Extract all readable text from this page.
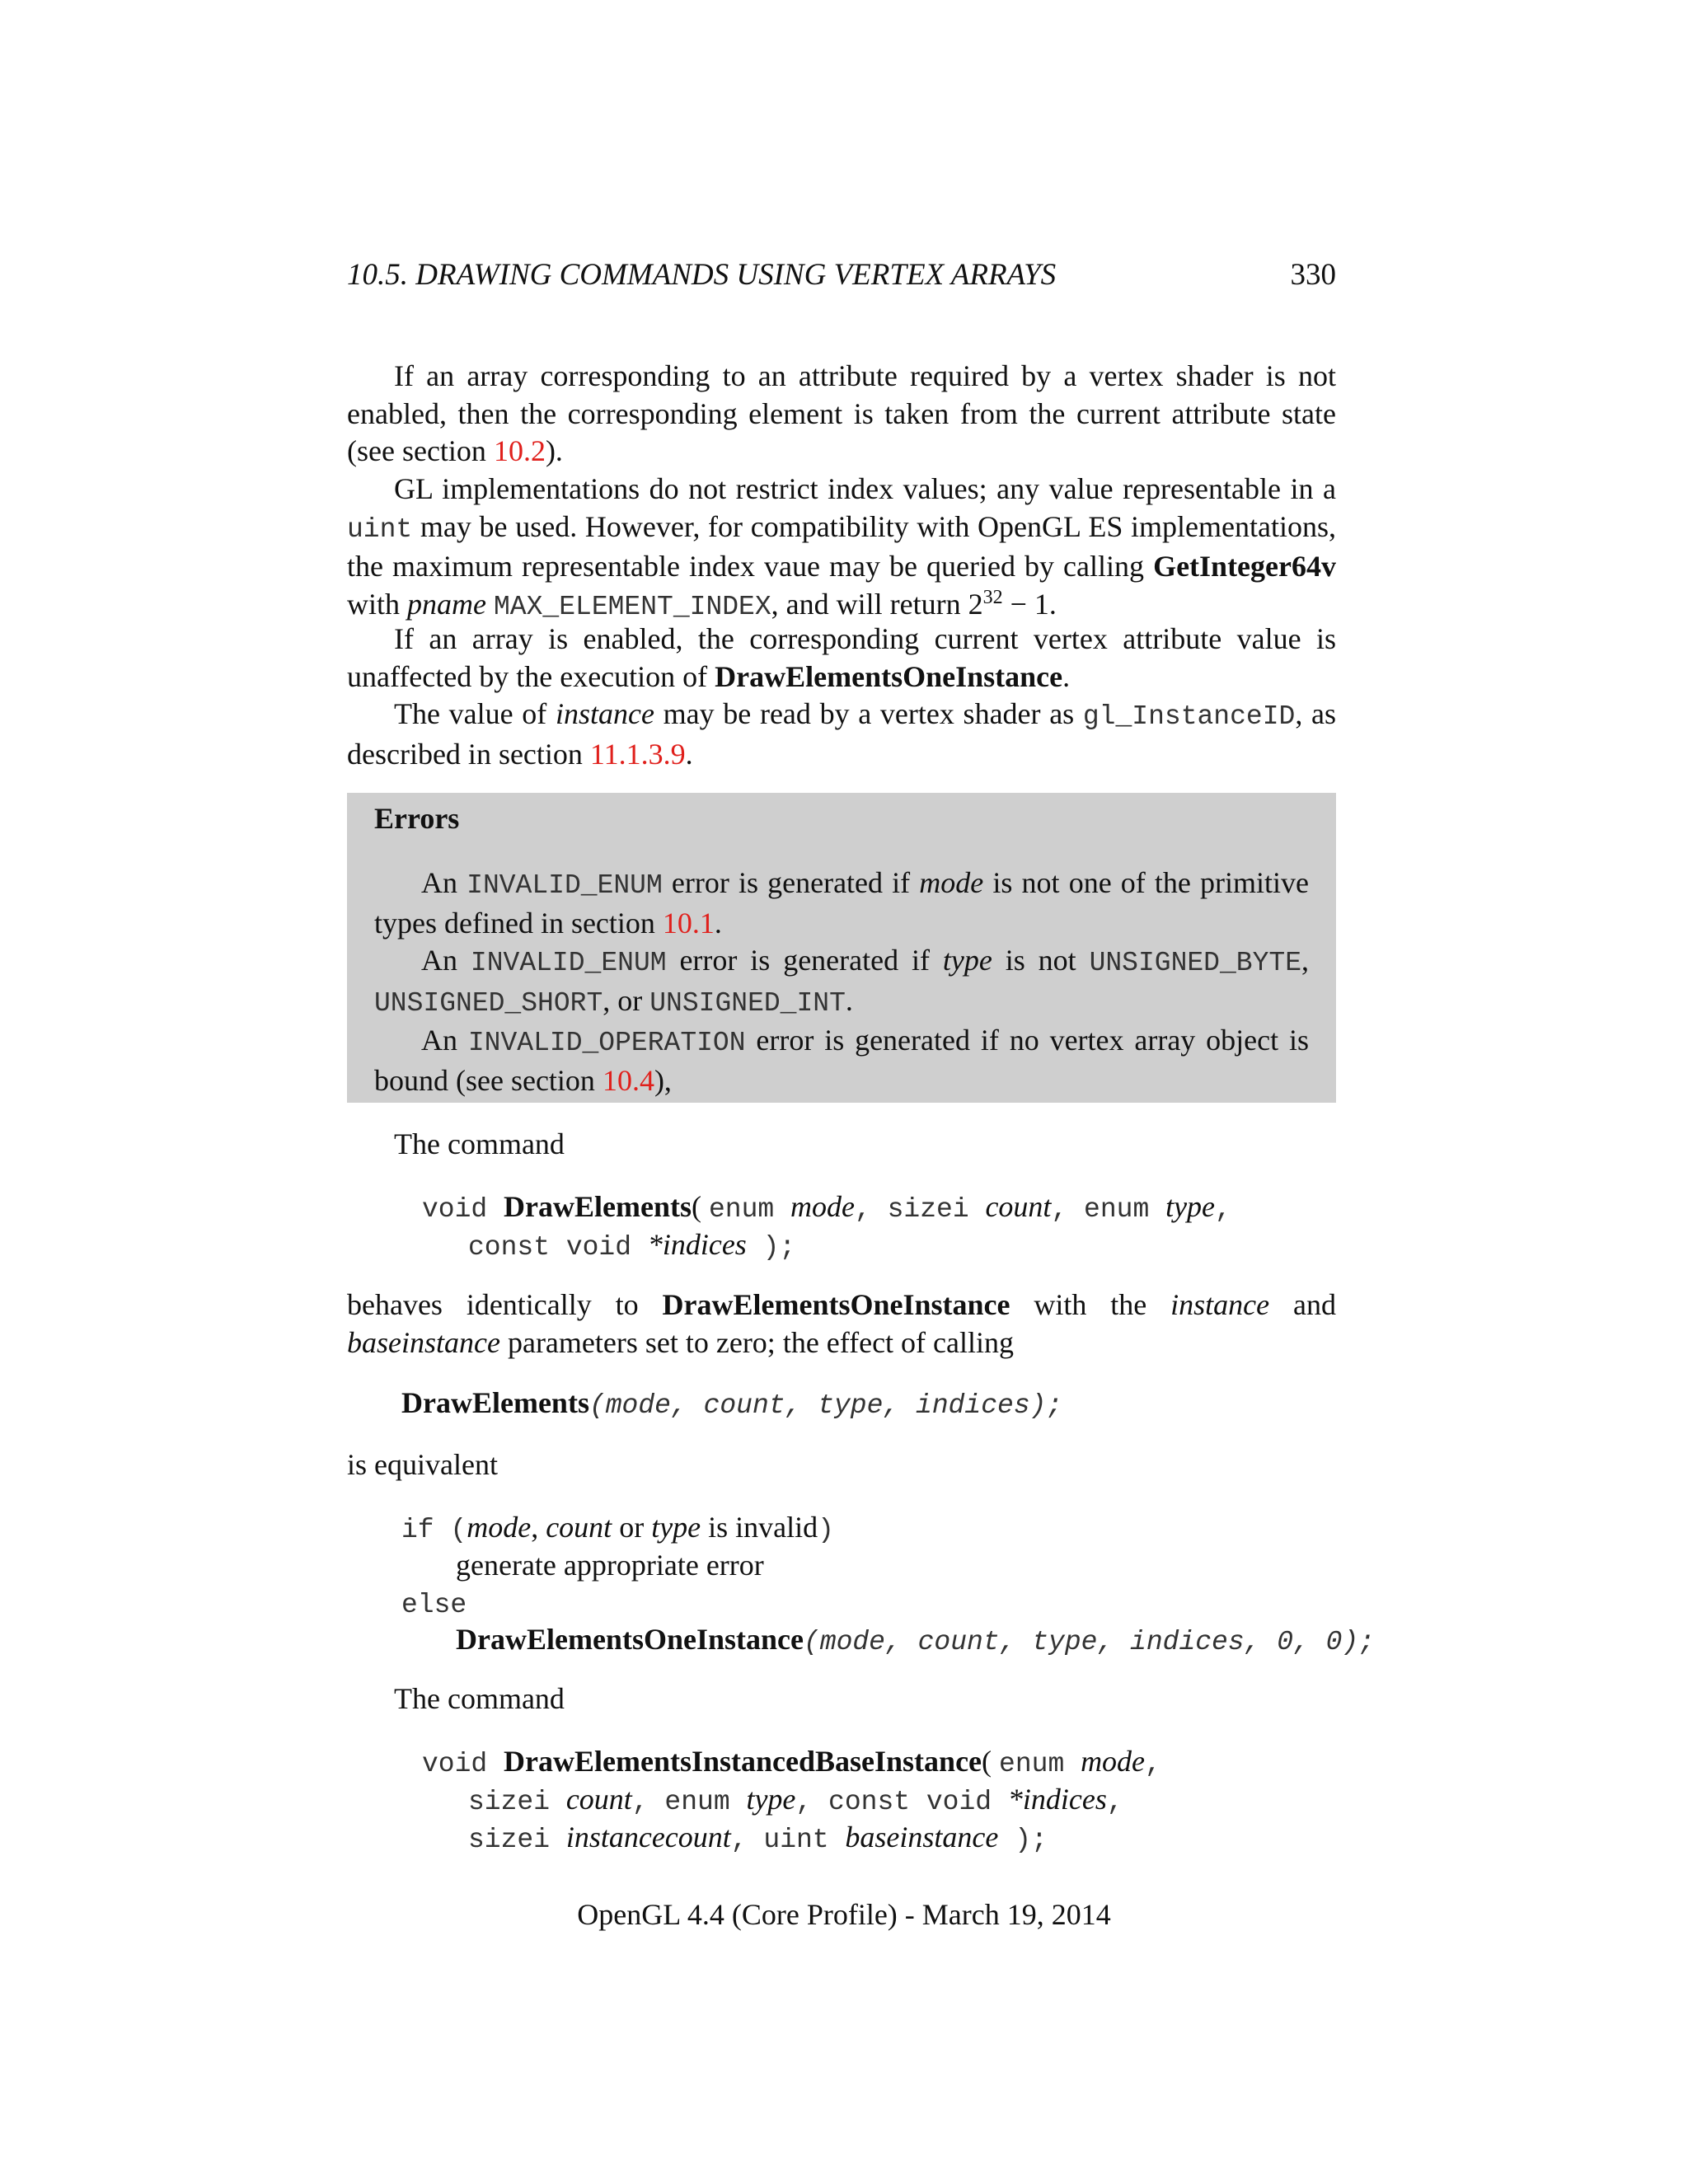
10.5. DRAWING COMMANDS USING VERTEX ARRAYS	330
If an array corresponding to an attribute required by a vertex shader is not enabled, then the corresponding element is taken from the current attribute state (see section 10.2).
GL implementations do not restrict index values; any value representable in a uint may be used. However, for compatibility with OpenGL ES implementations, the maximum representable index vaue may be queried by calling GetInteger64v with pname MAX_ELEMENT_INDEX, and will return $2^{32} - 1$.
If an array is enabled, the corresponding current vertex attribute value is unaffected by the execution of DrawElementsOneInstance.
The value of instance may be read by a vertex shader as gl_InstanceID, as described in section 11.1.3.9.
Errors
An INVALID_ENUM error is generated if mode is not one of the primitive types defined in section 10.1.
An INVALID_ENUM error is generated if type is not UNSIGNED_BYTE, UNSIGNED_SHORT, or UNSIGNED_INT.
An INVALID_OPERATION error is generated if no vertex array object is bound (see section 10.4),
The command
void DrawElements( enum mode, sizei count, enum type,
const void *indices );
behaves identically to DrawElementsOneInstance with the instance and baseinstance parameters set to zero; the effect of calling
DrawElements(mode, count, type, indices);
is equivalent
if (mode, count or type is invalid)
generate appropriate error
else
DrawElementsOneInstance(mode, count, type, indices, 0, 0);
The command
void DrawElementsInstancedBaseInstance( enum mode,
sizei count, enum type, const void *indices,
sizei instancecount, uint baseinstance );
OpenGL 4.4 (Core Profile) - March 19, 2014
